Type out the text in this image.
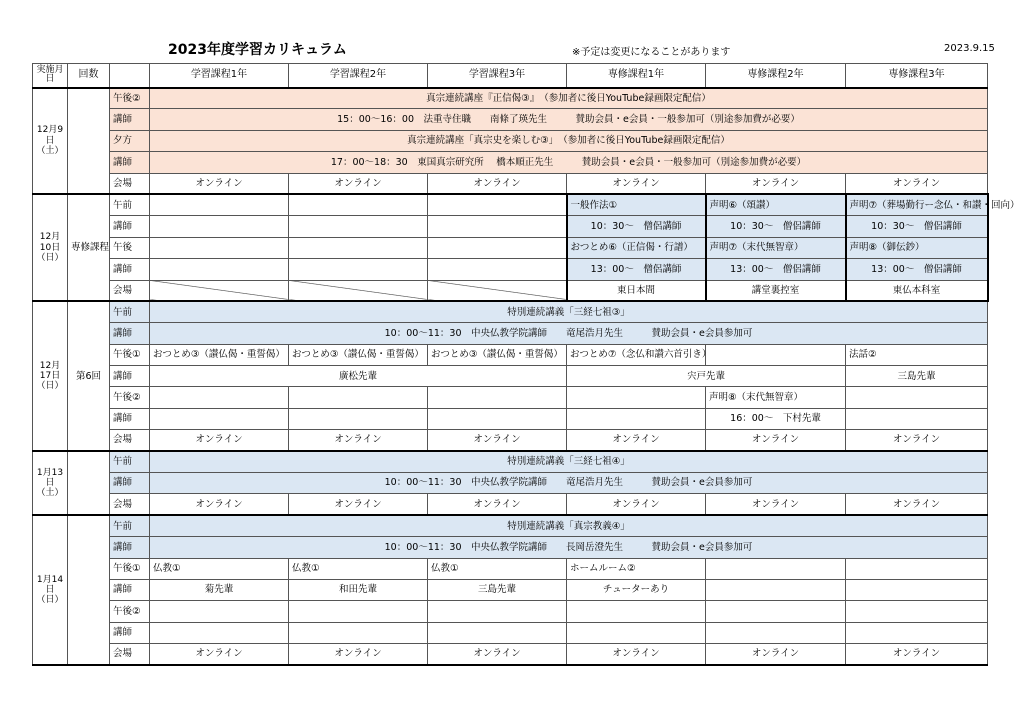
2023年度学習カリキュラム	※予定は変更になることがあります	2023.9.15
実施月日	回数		学習課程1年	学習課程2年	学習課程3年	専修課程1年	専修課程2年	専修課程3年
12月9日（土）		午後②	真宗連続講座『正信偈③』　（参加者に後日YouTube録画限定配信）					
		講師	15：00～16：00　法重寺住職　　南條了瑛先生　　　賛助会員・e会員・一般参加可（別途参加費が必要）					
		夕方	真宗連続講座「真宗史を楽しむ③」　（参加者に後日YouTube録画限定配信）					
		講師	17：00～18：30　東国真宗研究所　 橋本順正先生　　　賛助会員・e会員・一般参加可（別途参加費が必要）					
		会場	オンライン	オンライン	オンライン	オンライン	オンライン	オンライン
12月10日（日）	専修課程	午前				一般作法①	声明⑥（頌讃）	声明⑦（葬場勤行ー念仏・和讃・回向）
		講師				10：30～　僧侶講師	10：30～　僧侶講師	10：30～　僧侶講師
		午後				おつとめ⑥（正信偈・行譜）	声明⑦（末代無智章）	声明⑧（御伝鈔）
		講師				13：00～　僧侶講師	13：00～　僧侶講師	13：00～　僧侶講師
		会場				東日本間	講堂裏控室	東仏本科室
12月17日（日）	第6回	午前	特別連続講義「三経七祖③」					
		講師	10：00～11：30　中央仏教学院講師　　竜尾浩月先生　　　賛助会員・e会員参加可					
		午後①	おつとめ③（讃仏偈・重誓偈）	おつとめ③（讃仏偈・重誓偈）	おつとめ③（讃仏偈・重誓偈）	おつとめ⑦（念仏和讃六首引き）		法話②
		講師	廣松先輩			宍戸先輩		三島先輩
		午後②					声明⑧（末代無智章）	
		講師					16：00～　下村先輩	
		会場	オンライン	オンライン	オンライン	オンライン	オンライン	オンライン
1月13日（土）		午前	特別連続講義「三経七祖④」					
		講師	10：00～11：30　中央仏教学院講師　　竜尾浩月先生　　　賛助会員・e会員参加可					
		会場	オンライン	オンライン	オンライン	オンライン	オンライン	オンライン
1月14日（日）		午前	特別連続講義「真宗教義④」					
		講師	10：00～11：30　中央仏教学院講師　　長岡岳澄先生　　　賛助会員・e会員参加可					
		午後①	仏教①	仏教①	仏教①	ホームルーム②		
		講師	菊先輩	和田先輩	三島先輩	チューターあり		
		午後②						
		講師						
		会場	オンライン	オンライン	オンライン	オンライン	オンライン	オンライン
